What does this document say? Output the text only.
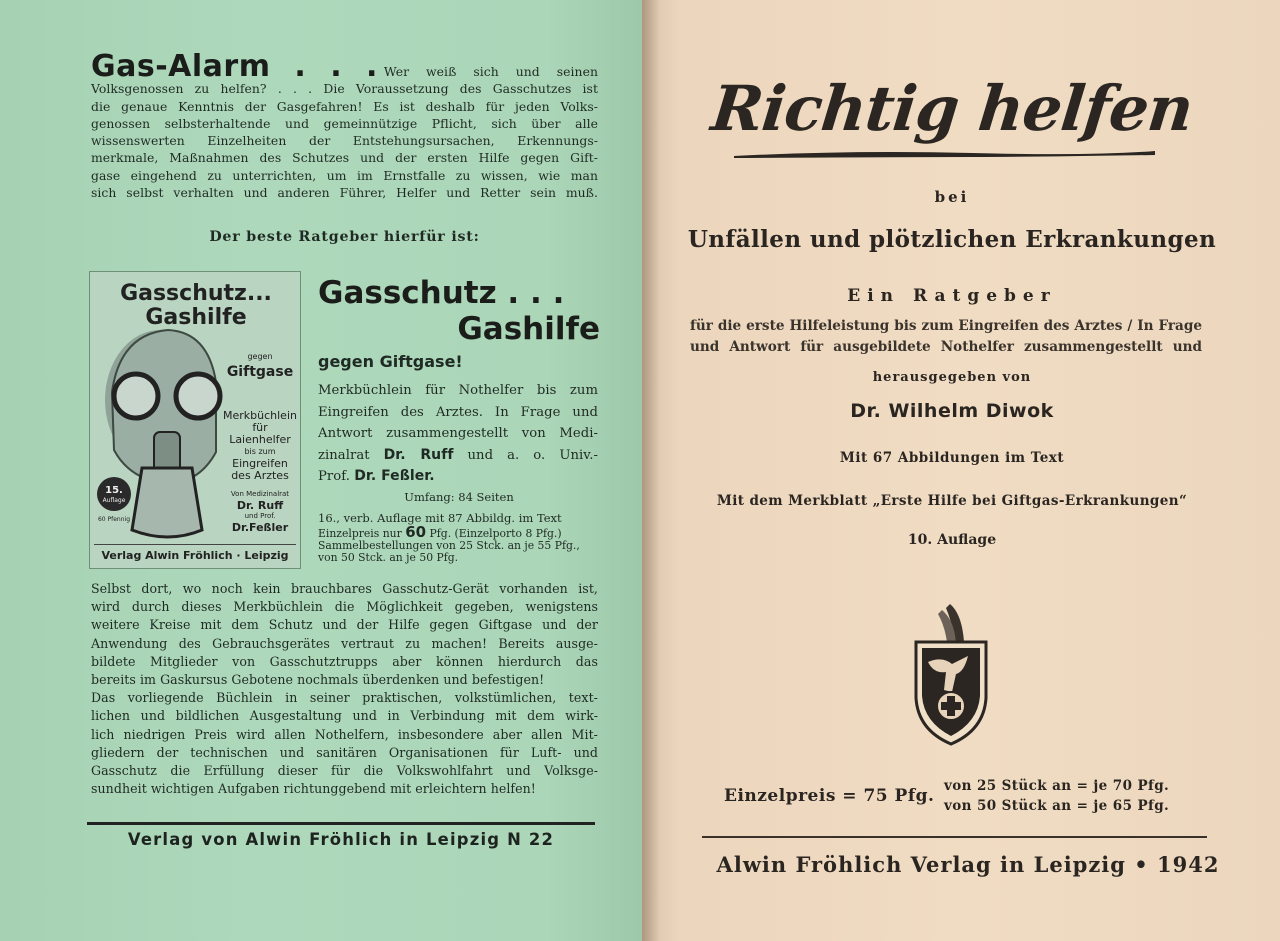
Gas-Alarm . . . Wer weiß sich und seinen
Volksgenossen zu helfen? . . . Die Voraussetzung des Gasschutzes ist
die genaue Kenntnis der Gasgefahren! Es ist deshalb für jeden Volks-
genossen selbsterhaltende und gemeinnützige Pflicht, sich über alle
wissenswerten Einzelheiten der Entstehungsursachen, Erkennungs-
merkmale, Maßnahmen des Schutzes und der ersten Hilfe gegen Gift-
gase eingehend zu unterrichten, um im Ernstfalle zu wissen, wie man
sich selbst verhalten und anderen Führer, Helfer und Retter sein muß.
Der beste Ratgeber hierfür ist:
Gasschutz...
Gashilfe
gegen
Giftgase
Merkbüchlein
für Laienhelfer
bis zum
Eingreifen
des Arztes
Von Medizinalrat
Dr. Ruff
und Prof.
Dr.Feßler
15.
Auflage
60 Pfennig
Verlag Alwin Fröhlich · Leipzig
Gasschutz . . .
Gashilfe
gegen Giftgase!
Merkbüchlein für Nothelfer bis zum
Eingreifen des Arztes. In Frage und
Antwort zusammengestellt von Medi-
zinalrat Dr. Ruff und a. o. Univ.-
Prof. Dr. Feßler.
Umfang: 84 Seiten
16., verb. Auflage mit 87 Abbildg. im Text
Einzelpreis nur 60 Pfg. (Einzelporto 8 Pfg.)
Sammelbestellungen von 25 Stck. an je 55 Pfg.,
von 50 Stck. an je 50 Pfg.
Selbst dort, wo noch kein brauchbares Gasschutz-Gerät vorhanden ist,
wird durch dieses Merkbüchlein die Möglichkeit gegeben, wenigstens
weitere Kreise mit dem Schutz und der Hilfe gegen Giftgase und der
Anwendung des Gebrauchsgerätes vertraut zu machen! Bereits ausge-
bildete Mitglieder von Gasschutztrupps aber können hierdurch das
bereits im Gaskursus Gebotene nochmals überdenken und befestigen!
Das vorliegende Büchlein in seiner praktischen, volkstümlichen, text-
lichen und bildlichen Ausgestaltung und in Verbindung mit dem wirk-
lich niedrigen Preis wird allen Nothelfern, insbesondere aber allen Mit-
gliedern der technischen und sanitären Organisationen für Luft- und
Gasschutz die Erfüllung dieser für die Volkswohlfahrt und Volksge-
sundheit wichtigen Aufgaben richtunggebend mit erleichtern helfen!
Verlag von Alwin Fröhlich in Leipzig N 22
Richtig helfen
bei
Unfällen und plötzlichen Erkrankungen
Ein Ratgeber
für die erste Hilfeleistung bis zum Eingreifen des Arztes / In Frage
und Antwort für ausgebildete Nothelfer zusammengestellt und
herausgegeben von
Dr. Wilhelm Diwok
Mit 67 Abbildungen im Text
Mit dem Merkblatt „Erste Hilfe bei Giftgas-Erkrankungen“
10. Auflage
Einzelpreis = 75 Pfg. von 25 Stück an = je 70 Pfg.
von 50 Stück an = je 65 Pfg.
Alwin Fröhlich Verlag in Leipzig • 1942
